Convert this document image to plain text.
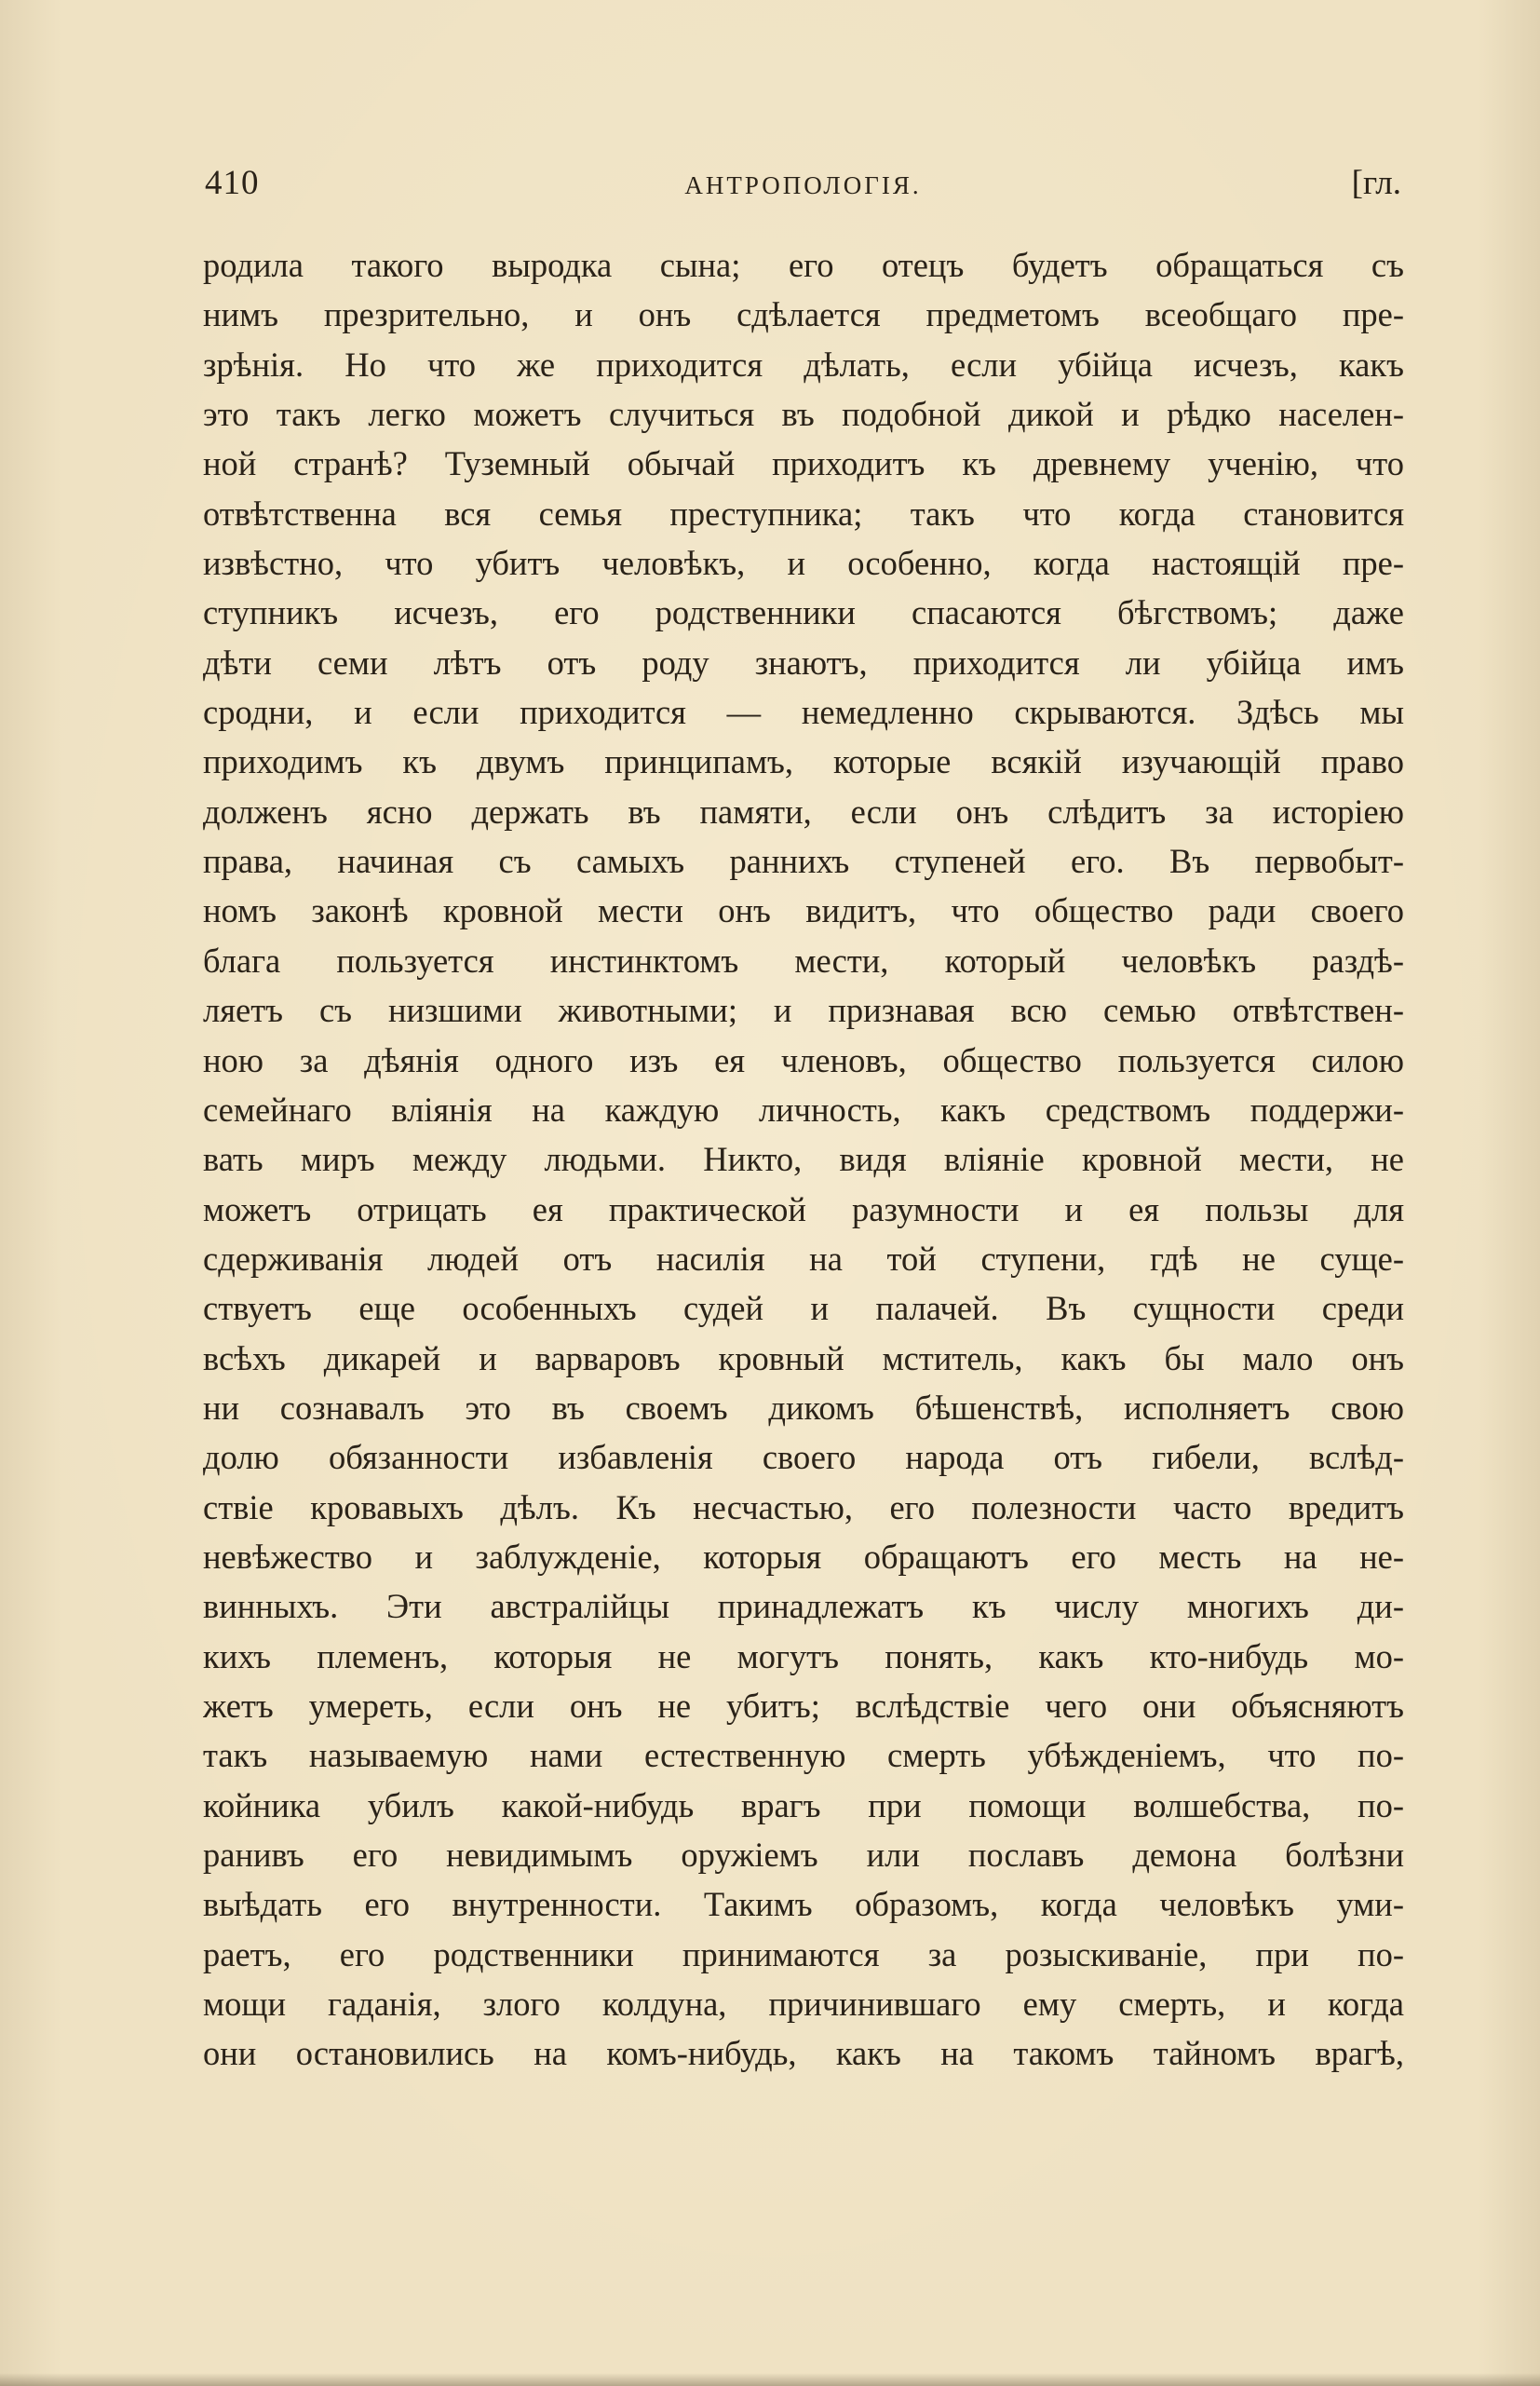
410	АНТРОПОЛОГІЯ.	[гл.
родила такого выродка сына; его отецъ будетъ обращаться съ
нимъ презрительно, и онъ сдѣлается предметомъ всеобщаго пре-
зрѣнія. Но что же приходится дѣлать, если убійца исчезъ, какъ
это такъ легко можетъ случиться въ подобной дикой и рѣдко населен-
ной странѣ? Туземный обычай приходитъ къ древнему ученію, что
отвѣтственна вся семья преступника; такъ что когда становится
извѣстно, что убитъ человѣкъ, и особенно, когда настоящій пре-
ступникъ исчезъ, его родственники спасаются бѣгствомъ; даже
дѣти семи лѣтъ отъ роду знаютъ, приходится ли убійца имъ
сродни, и если приходится — немедленно скрываются. Здѣсь мы
приходимъ къ двумъ принципамъ, которые всякій изучающій право
долженъ ясно держать въ памяти, если онъ слѣдитъ за исторіею
права, начиная съ самыхъ раннихъ ступеней его. Въ первобыт-
номъ законѣ кровной мести онъ видитъ, что общество ради своего
блага пользуется инстинктомъ мести, который человѣкъ раздѣ-
ляетъ съ низшими животными; и признавая всю семью отвѣтствен-
ною за дѣянія одного изъ ея членовъ, общество пользуется силою
семейнаго вліянія на каждую личность, какъ средствомъ поддержи-
вать миръ между людьми. Никто, видя вліяніе кровной мести, не
можетъ отрицать ея практической разумности и ея пользы для
сдерживанія людей отъ насилія на той ступени, гдѣ не суще-
ствуетъ еще особенныхъ судей и палачей. Въ сущности среди
всѣхъ дикарей и варваровъ кровный мститель, какъ бы мало онъ
ни сознавалъ это въ своемъ дикомъ бѣшенствѣ, исполняетъ свою
долю обязанности избавленія своего народа отъ гибели, вслѣд-
ствіе кровавыхъ дѣлъ. Къ несчастью, его полезности часто вредитъ
невѣжество и заблужденіе, которыя обращаютъ его месть на не-
винныхъ. Эти австралійцы принадлежатъ къ числу многихъ ди-
кихъ племенъ, которыя не могутъ понять, какъ кто-нибудь мо-
жетъ умереть, если онъ не убитъ; вслѣдствіе чего они объясняютъ
такъ называемую нами естественную смерть убѣжденіемъ, что по-
койника убилъ какой-нибудь врагъ при помощи волшебства, по-
ранивъ его невидимымъ оружіемъ или пославъ демона болѣзни
выѣдать его внутренности. Такимъ образомъ, когда человѣкъ уми-
раетъ, его родственники принимаются за розыскиваніе, при по-
мощи гаданія, злого колдуна, причинившаго ему смерть, и когда
они остановились на комъ-нибудь, какъ на такомъ тайномъ врагѣ,
